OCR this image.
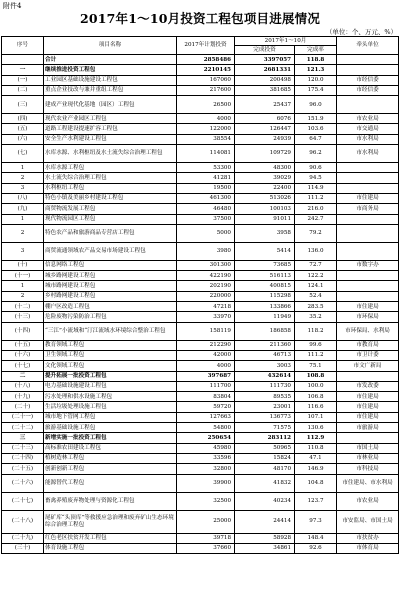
附件4
2017年1～10月投资工程包项目进展情况
（单位：个、万元、%）
序号	项目名称	2017年计划投资	2017年1～10月		牵头单位
			完成投资	完成率	
	合计	2858486	3397057	118.8	
一	继续推进投资工程包	2210145	2681331	121.3	
(一)	工业园区基础设施建设工程包	167060	200498	120.0	市经信委
(二)	重点企业技改与兼并重组工程包	217600	381685	175.4	市经信委
(三)	建成产业现代化基地（园区）工程包	26500	25437	96.0	
(四)	现代农业产业园区工程包	4000	6076	151.9	市农业局
(五)	道路工程建设提速扩容工程包	122000	126447	103.6	市交通局
(六)	安全生产水利建设工程包	38554	24939	64.7	市水利局
(七)	水库水源、水利枢纽及水土流失综合治理工程包	114081	109729	96.2	市水利局
1	水库水源工程包	53300	48300	90.6	
2	水土流失综合治理工程包	41281	39029	94.5	
3	水利枢纽工程包	19500	22400	114.9	
(八)	特色小镇及美丽乡村建设工程包	461300	513026	111.2	市住建局
(九)	商贸物流发展工程包	46480	100103	216.0	市商务局
1	现代物流园区工程包	37500	91011	242.7	
2	特色农产品和旅游商品专营店工程包	5000	3958	79.2	
3	商贸流通领域农产品交易市场建设工程包	3980	5414	136.0	
(十)	信息网络工程包	301300	73685	72.7	市数字办
(十一)	城乡路网建设工程包	422190	516113	122.2	
1	城市路网建设工程包	202190	400815	124.1	
2	乡村路网建设工程包	220000	115298	52.4	
(十二)	棚户区改造工程包	47218	133866	283.5	市住建局
(十三)	危险废物污染防治工程包	33970	11949	35.2	市环保局
(十四)	“三江”小流域和“汀江流域水环境综合整治工程包	158119	186858	118.2	市环保局、水利局
(十五)	教育领域工程包	212290	211360	99.6	市教育局
(十六)	卫生领域工程包	42000	46713	111.2	市卫计委
(十七)	文化领域工程包	4000	3003	75.1	市文广新局
二	提升拓展一批投资工程包	397687	432614	108.8	
(十八)	电力基础设施建设工程包	111700	111730	100.0	市发改委
(十九)	污水处理和供水设施工程包	83804	89535	106.8	市住建局
(二十)	生活垃圾处理设施工程包	59720	23001	116.6	市住建局
(二十一)	城市地下管网工程包	127663	136773	107.1	市住建局
(二十二)	旅游基础设施工程包	54800	71575	130.6	市旅游局
三	新增实施一批投资工程包	250654	283112	112.9	
(二十三)	高标准农田建设工程包	45980	50965	110.8	市国土局
(二十四)	植树造林工程包	33596	15824	47.1	市林业局
(二十五)	创新创新工程包	32800	48170	146.9	市科技局
(二十六)	能源替代工程包	39900	41832	104.8	市住建局、市水利局
(二十七)	畜禽养殖废弃物处理与资源化工程包	32500	40234	123.7	市农业局
(二十八)	尾矿库“头顶库”等救援应急治理和废弃矿山生态环境综合治理工程包	25000	24414	97.3	市安监局、市国土局
(二十九)	红色老区扶贫开发工程包	39718	58928	148.4	市扶贫办
(三十)	体育设施工程包	37660	34861	92.6	市体育局
